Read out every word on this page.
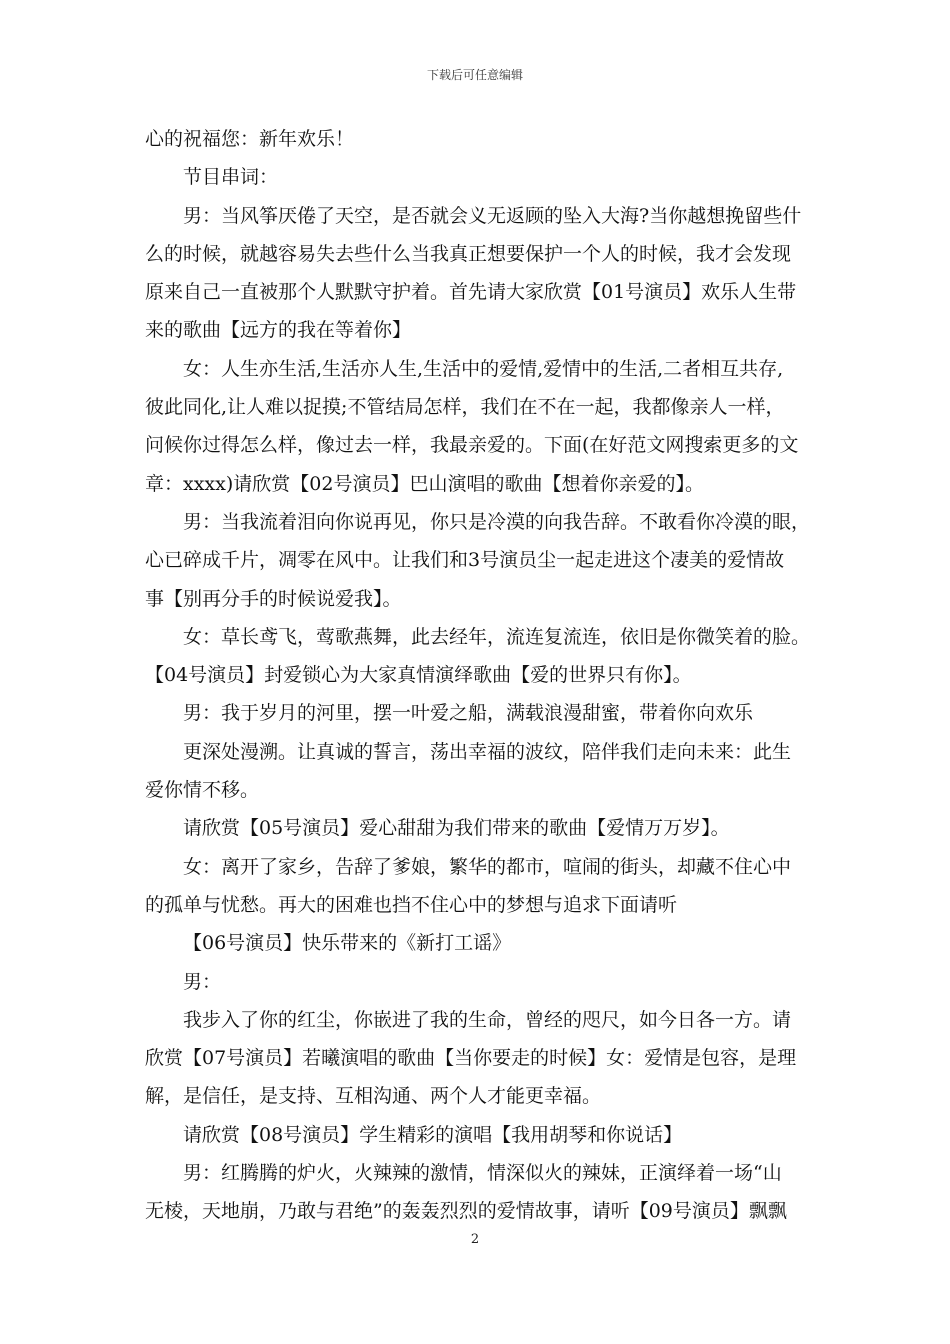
下载后可任意编辑
心的祝福您：新年欢乐！
节目串词：
男：当风筝厌倦了天空，是否就会义无返顾的坠入大海?当你越想挽留些什
么的时候，就越容易失去些什么当我真正想要保护一个人的时候，我才会发现
原来自己一直被那个人默默守护着。首先请大家欣赏【01号演员】欢乐人生带
来的歌曲【远方的我在等着你】
女：人生亦生活,生活亦人生,生活中的爱情,爱情中的生活,二者相互共存,
彼此同化,让人难以捉摸;不管结局怎样，我们在不在一起，我都像亲人一样，
问候你过得怎么样，像过去一样，我最亲爱的。下面(在好范文网搜索更多的文
章：xxxx)请欣赏【02号演员】巴山演唱的歌曲【想着你亲爱的】。
男：当我流着泪向你说再见，你只是冷漠的向我告辞。不敢看你冷漠的眼，
心已碎成千片，凋零在风中。让我们和3号演员尘一起走进这个凄美的爱情故
事【别再分手的时候说爱我】。
女：草长鸢飞，莺歌燕舞，此去经年，流连复流连，依旧是你微笑着的脸。
【04号演员】封爱锁心为大家真情演绎歌曲【爱的世界只有你】。
男：我于岁月的河里，摆一叶爱之船，满载浪漫甜蜜，带着你向欢乐
更深处漫溯。让真诚的誓言，荡出幸福的波纹，陪伴我们走向未来：此生
爱你情不移。
请欣赏【05号演员】爱心甜甜为我们带来的歌曲【爱情万万岁】。
女：离开了家乡，告辞了爹娘，繁华的都市，喧闹的街头，却藏不住心中
的孤单与忧愁。再大的困难也挡不住心中的梦想与追求下面请听
【06号演员】快乐带来的《新打工谣》
男：
我步入了你的红尘，你嵌进了我的生命，曾经的咫尺，如今日各一方。请
欣赏【07号演员】若曦演唱的歌曲【当你要走的时候】女：爱情是包容，是理
解，是信任，是支持、互相沟通、两个人才能更幸福。
请欣赏【08号演员】学生精彩的演唱【我用胡琴和你说话】
男：红腾腾的炉火，火辣辣的激情，情深似火的辣妹，正演绎着一场“山
无棱，天地崩，乃敢与君绝”的轰轰烈烈的爱情故事，请听【09号演员】飘飘
2
